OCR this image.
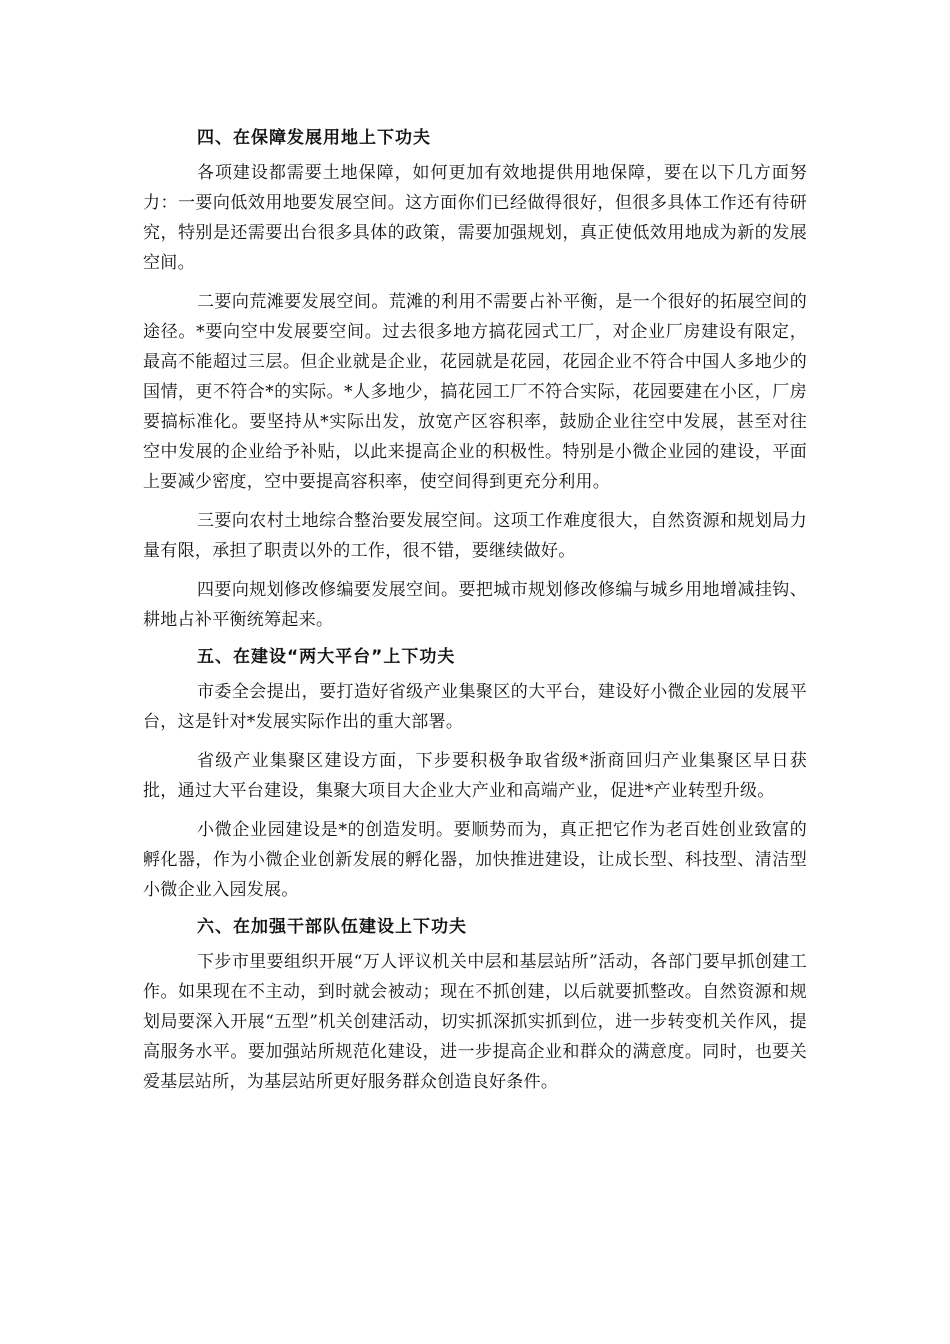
四、在保障发展用地上下功夫

各项建设都需要土地保障，如何更加有效地提供用地保障，要在以下几方面努力：一要向低效用地要发展空间。这方面你们已经做得很好，但很多具体工作还有待研究，特别是还需要出台很多具体的政策，需要加强规划，真正使低效用地成为新的发展空间。

二要向荒滩要发展空间。荒滩的利用不需要占补平衡，是一个很好的拓展空间的途径。*要向空中发展要空间。过去很多地方搞花园式工厂，对企业厂房建设有限定，最高不能超过三层。但企业就是企业，花园就是花园，花园企业不符合中国人多地少的国情，更不符合*的实际。*人多地少，搞花园工厂不符合实际，花园要建在小区，厂房要搞标准化。要坚持从*实际出发，放宽产区容积率，鼓励企业往空中发展，甚至对往空中发展的企业给予补贴，以此来提高企业的积极性。特别是小微企业园的建设，平面上要减少密度，空中要提高容积率，使空间得到更充分利用。

三要向农村土地综合整治要发展空间。这项工作难度很大，自然资源和规划局力量有限，承担了职责以外的工作，很不错，要继续做好。

四要向规划修改修编要发展空间。要把城市规划修改修编与城乡用地增减挂钩、耕地占补平衡统筹起来。

五、在建设“两大平台”上下功夫

市委全会提出，要打造好省级产业集聚区的大平台，建设好小微企业园的发展平台，这是针对*发展实际作出的重大部署。

省级产业集聚区建设方面，下步要积极争取省级*浙商回归产业集聚区早日获批，通过大平台建设，集聚大项目大企业大产业和高端产业，促进*产业转型升级。

小微企业园建设是*的创造发明。要顺势而为，真正把它作为老百姓创业致富的孵化器，作为小微企业创新发展的孵化器，加快推进建设，让成长型、科技型、清洁型小微企业入园发展。

六、在加强干部队伍建设上下功夫

下步市里要组织开展“万人评议机关中层和基层站所”活动，各部门要早抓创建工作。如果现在不主动，到时就会被动；现在不抓创建，以后就要抓整改。自然资源和规划局要深入开展“五型”机关创建活动，切实抓深抓实抓到位，进一步转变机关作风，提高服务水平。要加强站所规范化建设，进一步提高企业和群众的满意度。同时，也要关爱基层站所，为基层站所更好服务群众创造良好条件。
